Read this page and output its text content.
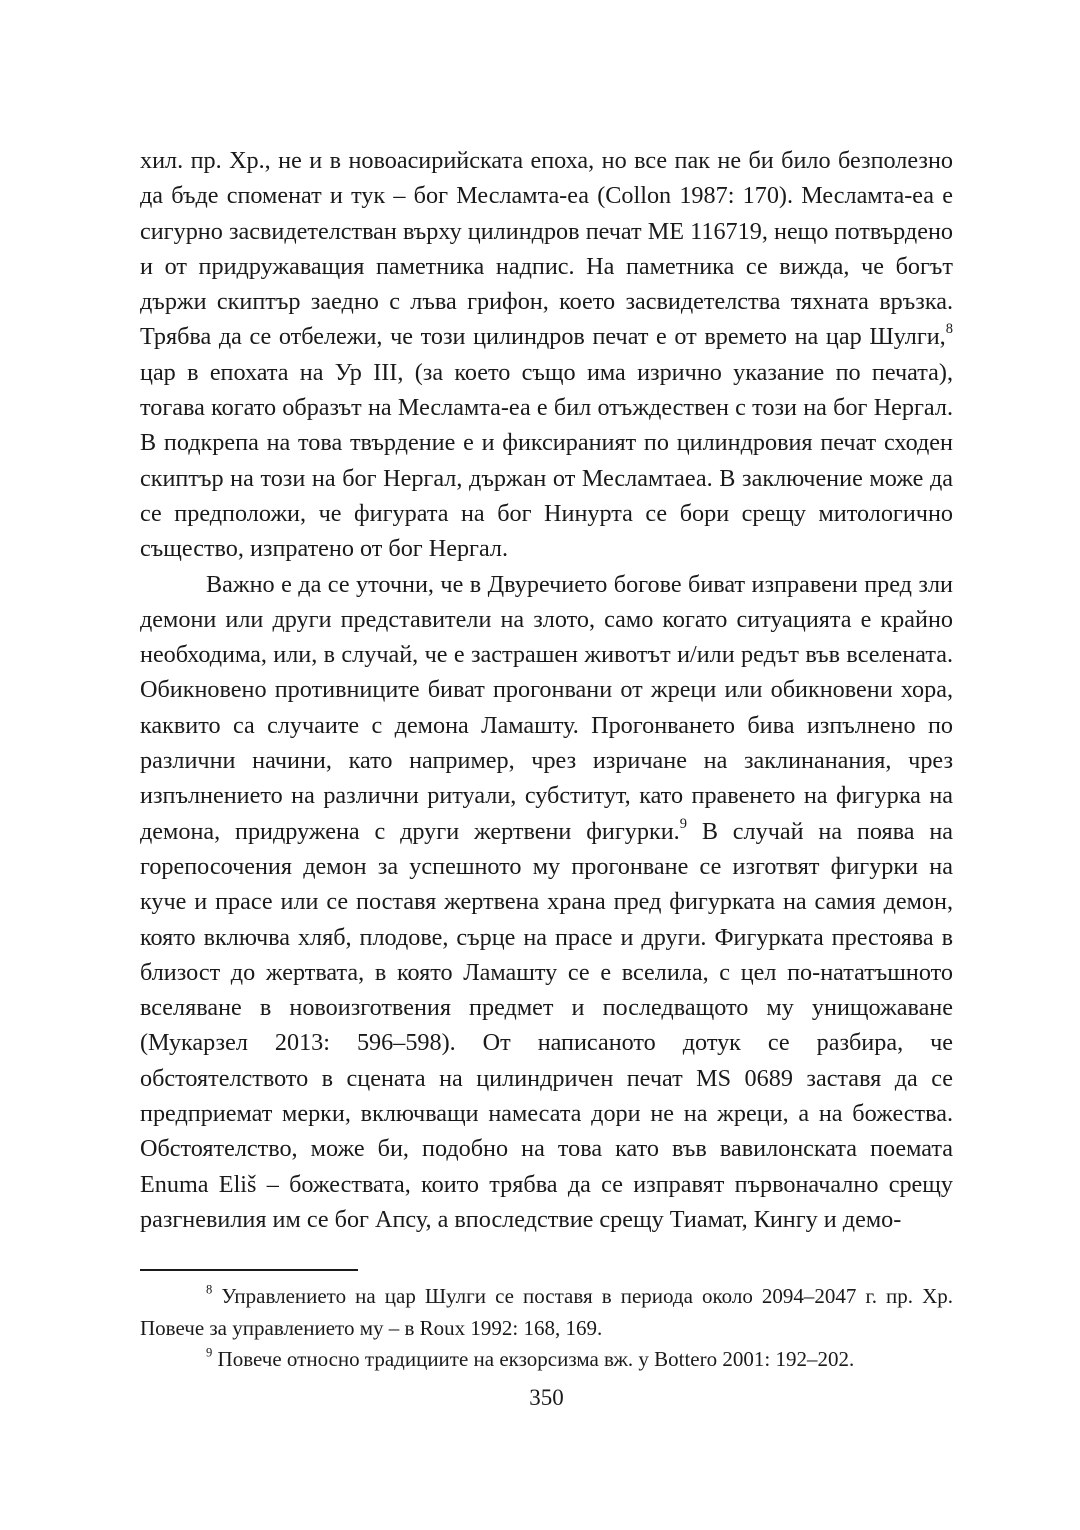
хил. пр. Хр., не и в новоасирийската епоха, но все пак не би било безполезно да бъде споменат и тук – бог Месламта-еа (Collon 1987: 170). Месламта-еа е сигурно засвидетелстван върху цилиндров печат ME 116719, нещо потвърдено и от придружаващия паметника надпис. На паметника се вижда, че богът държи скиптър заедно с лъва грифон, което засвидетелства тяхната връзка. Трябва да се отбележи, че този цилиндров печат е от времето на цар Шулги,$^8$ цар в епохата на Ур III, (за което също има изрично указание по печата), тогава когато образът на Месламта-еа е бил отъждествен с този на бог Нергал. В подкрепа на това твърдение е и фиксираният по цилиндровия печат сходен скиптър на този на бог Нергал, държан от Месламтаеа. В заключение може да се предположи, че фигурата на бог Нинурта се бори срещу митологично същество, изпратено от бог Нергал.

Важно е да се уточни, че в Двуречието богове биват изправени пред зли демони или други представители на злото, само когато ситуацията е крайно необходима, или, в случай, че е застрашен животът и/или редът във вселената. Обикновено противниците биват прогонвани от жреци или обикновени хора, каквито са случаите с демона Ламашту. Прогонването бива изпълнено по различни начини, като например, чрез изричане на заклинанания, чрез изпълнението на различни ритуали, субститут, като правенето на фигурка на демона, придружена с други жертвени фигурки.$^9$ В случай на поява на горепосочения демон за успешното му прогонване се изготвят фигурки на куче и прасе или се поставя жертвена храна пред фигурката на самия демон, която включва хляб, плодове, сърце на прасе и други. Фигурката престоява в близост до жертвата, в която Ламашту се е вселила, с цел по-нататъшното вселяване в новоизготвения предмет и последващото му унищожаване (Мукарзел 2013: 596–598). От написаното дотук се разбира, че обстоятелството в сцената на цилиндричен печат MS 0689 заставя да се предприемат мерки, включващи намесата дори не на жреци, а на божества. Обстоятелство, може би, подобно на това като във вавилонската поемата Enuma Eliš – божествата, които трябва да се изправят първоначално срещу разгневилия им се бог Апсу, а впоследствие срещу Тиамат, Кингу и демо-

$^8$ Управлението на цар Шулги се поставя в периода около 2094–2047 г. пр. Хр. Повече за управлението му – в Roux 1992: 168, 169.

$^9$ Повече относно традициите на екзорсизма вж. у Bottero 2001: 192–202.

350
